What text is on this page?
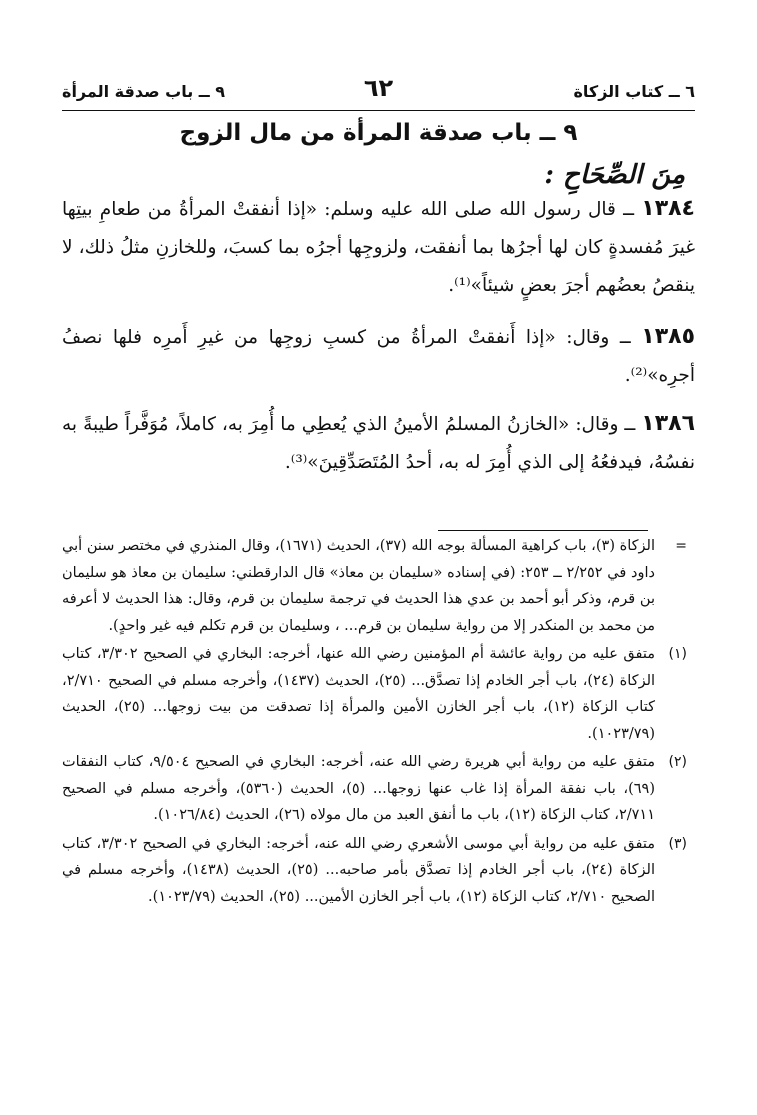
٦ ــ كتاب الزكاة
٦٢
٩ ــ باب صدقة المرأة
٩ ــ باب صدقة المرأة من مال الزوج
مِنَ الصِّحَاحِ :
١٣٨٤ ــ قال رسول الله صلى الله عليه وسلم: «إذا أنفقتْ المرأةُ من طعامِ بيتِها غيرَ مُفسدةٍ كان لها أجرُها بما أنفقت، ولزوجِها أجرُه بما كسبَ، وللخازنِ مثلُ ذلك، لا ينقصُ بعضُهم أجرَ بعضٍ شيئاً»⁽¹⁾.
١٣٨٥ ــ وقال: «إذا أَنفقتْ المرأةُ من كسبِ زوجِها من غيرِ أَمرِه فلها نصفُ أجرِه»⁽²⁾.
١٣٨٦ ــ وقال: «الخازنُ المسلمُ الأمينُ الذي يُعطِي ما أُمِرَ به، كاملاً، مُوَفَّراً طيبةً به نفسُهُ، فيدفعُهُ إلى الذي أُمِرَ له به، أحدُ المُتَصَدِّقِينَ»⁽³⁾.
=
الزكاة (٣)، باب كراهية المسألة بوجه الله (٣٧)، الحديث (١٦٧١)، وقال المنذري في مختصر سنن أبي داود في ٢/٢٥٢ ــ ٢٥٣: (في إسناده «سليمان بن معاذ» قال الدارقطني: سليمان بن معاذ هو سليمان بن قرم، وذكر أبو أحمد بن عدي هذا الحديث في ترجمة سليمان بن قرم، وقال: هذا الحديث لا أعرفه من محمد بن المنكدر إلا من رواية سليمان بن قرم... ، وسليمان بن قرم تكلم فيه غير واحدٍ).
(١)
متفق عليه من رواية عائشة أم المؤمنين رضي الله عنها، أخرجه: البخاري في الصحيح ٣/٣٠٢، كتاب الزكاة (٢٤)، باب أجر الخادم إذا تصدَّق... (٢٥)، الحديث (١٤٣٧)، وأخرجه مسلم في الصحيح ٢/٧١٠، كتاب الزكاة (١٢)، باب أجر الخازن الأمين والمرأة إذا تصدقت من بيت زوجها... (٢٥)، الحديث (١٠٢٣/٧٩).
(٢)
متفق عليه من رواية أبي هريرة رضي الله عنه، أخرجه: البخاري في الصحيح ٩/٥٠٤، كتاب النفقات (٦٩)، باب نفقة المرأة إذا غاب عنها زوجها... (٥)، الحديث (٥٣٦٠)، وأخرجه مسلم في الصحيح ٢/٧١١، كتاب الزكاة (١٢)، باب ما أنفق العبد من مال مولاه (٢٦)، الحديث (١٠٢٦/٨٤).
(٣)
متفق عليه من رواية أبي موسى الأشعري رضي الله عنه، أخرجه: البخاري في الصحيح ٣/٣٠٢، كتاب الزكاة (٢٤)، باب أجر الخادم إذا تصدَّق بأمر صاحبه... (٢٥)، الحديث (١٤٣٨)، وأخرجه مسلم في الصحيح ٢/٧١٠، كتاب الزكاة (١٢)، باب أجر الخازن الأمين... (٢٥)، الحديث (١٠٢٣/٧٩).
